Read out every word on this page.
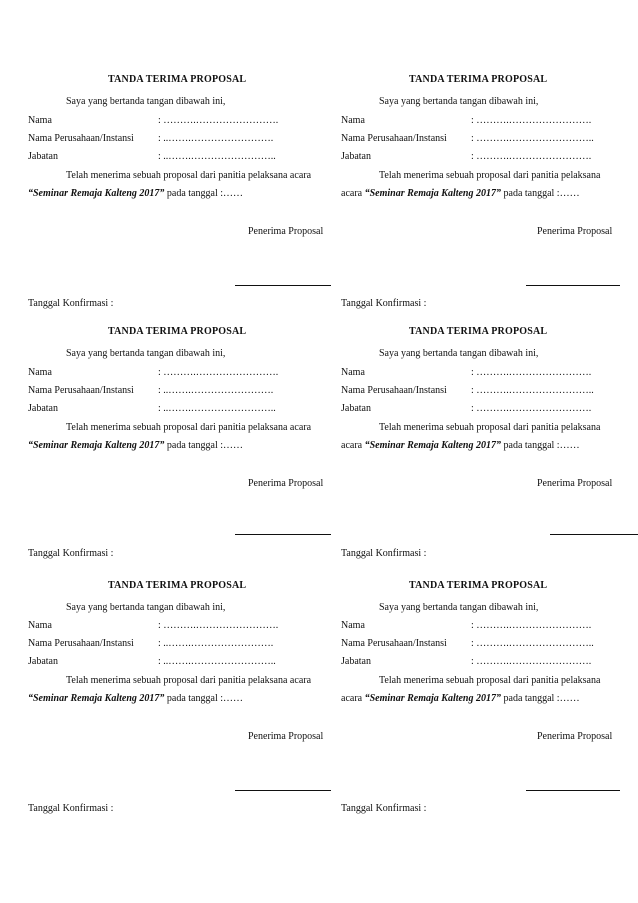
TANDA TERIMA PROPOSAL
Saya yang bertanda tangan dibawah ini,
Nama	: ……….…………………….
Nama Perusahaan/Instansi : ..…….…………………….
Jabatan	: ..…….……………………..
Telah menerima sebuah proposal dari panitia pelaksana acara
“Seminar Remaja Kalteng 2017” pada tanggal :……
Penerima Proposal
Tanggal Konfirmasi :
TANDA TERIMA PROPOSAL
Saya yang bertanda tangan dibawah ini,
Nama	: ……….…………………….
Nama Perusahaan/Instansi : ……….……………………..
Jabatan	: ……….…………………….
Telah menerima sebuah proposal dari panitia pelaksana
acara “Seminar Remaja Kalteng 2017” pada tanggal :……
Penerima Proposal
Tanggal Konfirmasi :
TANDA TERIMA PROPOSAL
Saya yang bertanda tangan dibawah ini,
Nama	: ……….…………………….
Nama Perusahaan/Instansi : ..…….…………………….
Jabatan	: ..…….……………………..
Telah menerima sebuah proposal dari panitia pelaksana acara
“Seminar Remaja Kalteng 2017” pada tanggal :……
Penerima Proposal
Tanggal Konfirmasi :
TANDA TERIMA PROPOSAL
Saya yang bertanda tangan dibawah ini,
Nama	: ……….…………………….
Nama Perusahaan/Instansi : ……….……………………..
Jabatan	: ……….…………………….
Telah menerima sebuah proposal dari panitia pelaksana
acara “Seminar Remaja Kalteng 2017” pada tanggal :……
Penerima Proposal
Tanggal Konfirmasi :
TANDA TERIMA PROPOSAL
Saya yang bertanda tangan dibawah ini,
Nama	: ……….…………………….
Nama Perusahaan/Instansi : ..…….…………………….
Jabatan	: ..…….……………………..
Telah menerima sebuah proposal dari panitia pelaksana acara
“Seminar Remaja Kalteng 2017” pada tanggal :……
Penerima Proposal
Tanggal Konfirmasi :
TANDA TERIMA PROPOSAL
Saya yang bertanda tangan dibawah ini,
Nama	: ……….…………………….
Nama Perusahaan/Instansi : ……….……………………..
Jabatan	: ……….…………………….
Telah menerima sebuah proposal dari panitia pelaksana
acara “Seminar Remaja Kalteng 2017” pada tanggal :……
Penerima Proposal
Tanggal Konfirmasi :
